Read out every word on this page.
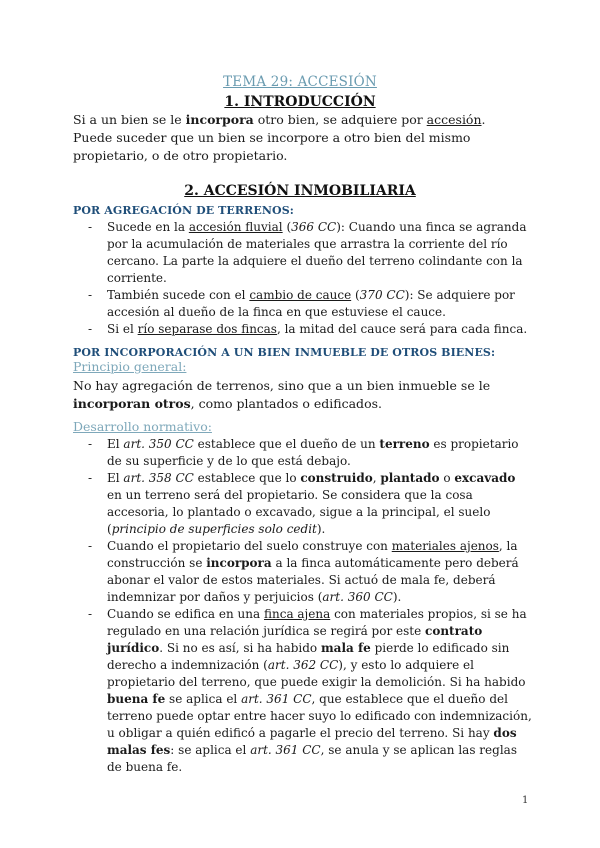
TEMA 29: ACCESIÓN
1. INTRODUCCIÓN
Si a un bien se le incorpora otro bien, se adquiere por accesión.
Puede suceder que un bien se incorpore a otro bien del mismo propietario, o de otro propietario.
2. ACCESIÓN INMOBILIARIA
POR AGREGACIÓN DE TERRENOS:
- Sucede en la accesión fluvial (366 CC): Cuando una finca se agranda por la acumulación de materiales que arrastra la corriente del río cercano. La parte la adquiere el dueño del terreno colindante con la corriente.
- También sucede con el cambio de cauce (370 CC): Se adquiere por accesión al dueño de la finca en que estuviese el cauce.
- Si el río separase dos fincas, la mitad del cauce será para cada finca.
POR INCORPORACIÓN A UN BIEN INMUEBLE DE OTROS BIENES:
Principio general:
No hay agregación de terrenos, sino que a un bien inmueble se le incorporan otros, como plantados o edificados.
Desarrollo normativo:
- El art. 350 CC establece que el dueño de un terreno es propietario de su superficie y de lo que está debajo.
- El art. 358 CC establece que lo construido, plantado o excavado en un terreno será del propietario. Se considera que la cosa accesoria, lo plantado o excavado, sigue a la principal, el suelo (principio de superficies solo cedit).
- Cuando el propietario del suelo construye con materiales ajenos, la construcción se incorpora a la finca automáticamente pero deberá abonar el valor de estos materiales. Si actuó de mala fe, deberá indemnizar por daños y perjuicios (art. 360 CC).
- Cuando se edifica en una finca ajena con materiales propios, si se ha regulado en una relación jurídica se regirá por este contrato jurídico. Si no es así, si ha habido mala fe pierde lo edificado sin derecho a indemnización (art. 362 CC), y esto lo adquiere el propietario del terreno, que puede exigir la demolición. Si ha habido buena fe se aplica el art. 361 CC, que establece que el dueño del terreno puede optar entre hacer suyo lo edificado con indemnización, u obligar a quién edificó a pagarle el precio del terreno. Si hay dos malas fes: se aplica el art. 361 CC, se anula y se aplican las reglas de buena fe.
1
